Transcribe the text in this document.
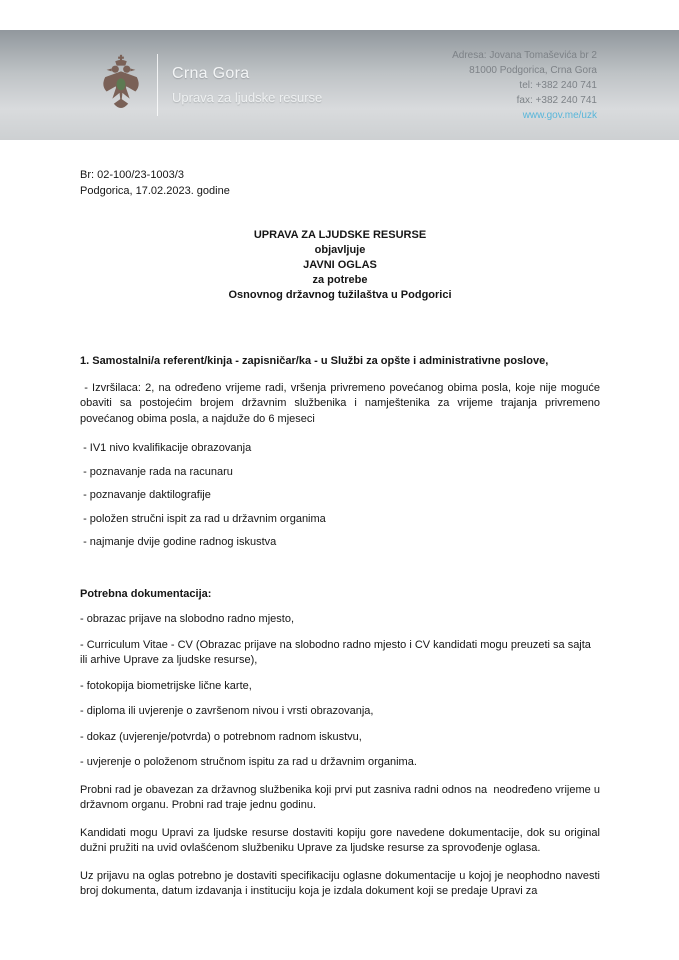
Crna Gora
Uprava za ljudske resurse
Adresa: Jovana Tomaševića br 2
81000 Podgorica, Crna Gora
tel: +382 240 741
fax: +382 240 741
www.gov.me/uzk
Br: 02-100/23-1003/3
Podgorica, 17.02.2023. godine
UPRAVA ZA LJUDSKE RESURSE
objavljuje
JAVNI OGLAS
za potrebe
Osnovnog državnog tužilaštva u Podgorici

1. Samostalni/a referent/kinja - zapisničar/ka - u Službi za opšte i administrativne poslove,

- Izvršilaca: 2, na određeno vrijeme radi, vršenja privremeno povećanog obima posla, koje nije moguće obaviti sa postojećim brojem državnim službenika i namještenika za vrijeme trajanja privremeno povećanog obima posla, a najduže do 6 mjeseci

- IV1 nivo kvalifikacije obrazovanja

- poznavanje rada na racunaru

- poznavanje daktilografije

- položen stručni ispit za rad u državnim organima

- najmanje dvije godine radnog iskustva

Potrebna dokumentacija:

- obrazac prijave na slobodno radno mjesto,

- Curriculum Vitae - CV (Obrazac prijave na slobodno radno mjesto i CV kandidati mogu preuzeti sa sajta ili arhive Uprave za ljudske resurse),

- fotokopija biometrijske lične karte,

- diploma ili uvjerenje o završenom nivou i vrsti obrazovanja,

- dokaz (uvjerenje/potvrda) o potrebnom radnom iskustvu,

- uvjerenje o položenom stručnom ispitu za rad u državnim organima.

Probni rad je obavezan za državnog službenika koji prvi put zasniva radni odnos na  neodređeno vrijeme u državnom organu. Probni rad traje jednu godinu.

Kandidati mogu Upravi za ljudske resurse dostaviti kopiju gore navedene dokumentacije, dok su original dužni pružiti na uvid ovlašćenom službeniku Uprave za ljudske resurse za sprovođenje oglasa.

Uz prijavu na oglas potrebno je dostaviti specifikaciju oglasne dokumentacije u kojoj je neophodno navesti broj dokumenta, datum izdavanja i instituciju koja je izdala dokument koji se predaje Upravi za
